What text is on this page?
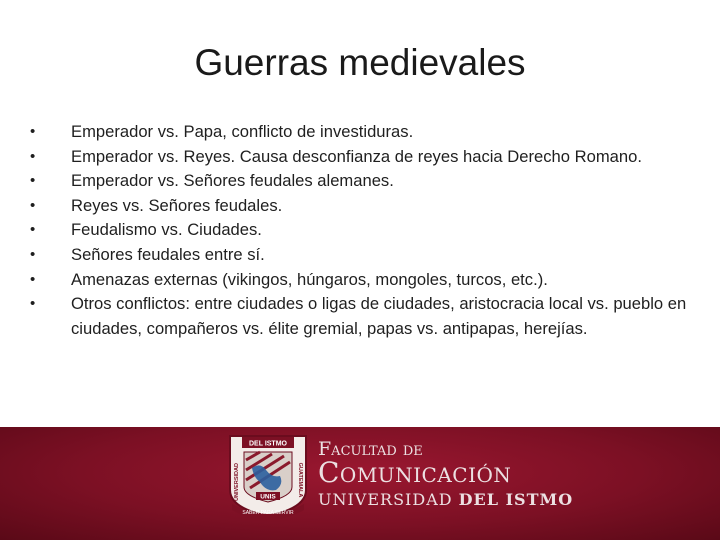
Guerras medievales
• Emperador vs. Papa, conflicto de investiduras.
• Emperador vs. Reyes. Causa desconfianza de reyes hacia Derecho Romano.
• Emperador vs. Señores feudales alemanes.
• Reyes vs. Señores feudales.
• Feudalismo vs. Ciudades.
• Señores feudales entre sí.
• Amenazas externas (vikingos, húngaros, mongoles, turcos, etc.).
• Otros conflictos: entre ciudades o ligas de ciudades, aristocracia local vs. pueblo en ciudades, compañeros vs. élite gremial, papas vs. antipapas, herejías.
DEL ISTMO
UNIVERSIDAD	GUATEMALA
UNIS
SABER PARA SERVIR
Facultad de
Comunicación
UNIVERSIDAD DEL ISTMO
